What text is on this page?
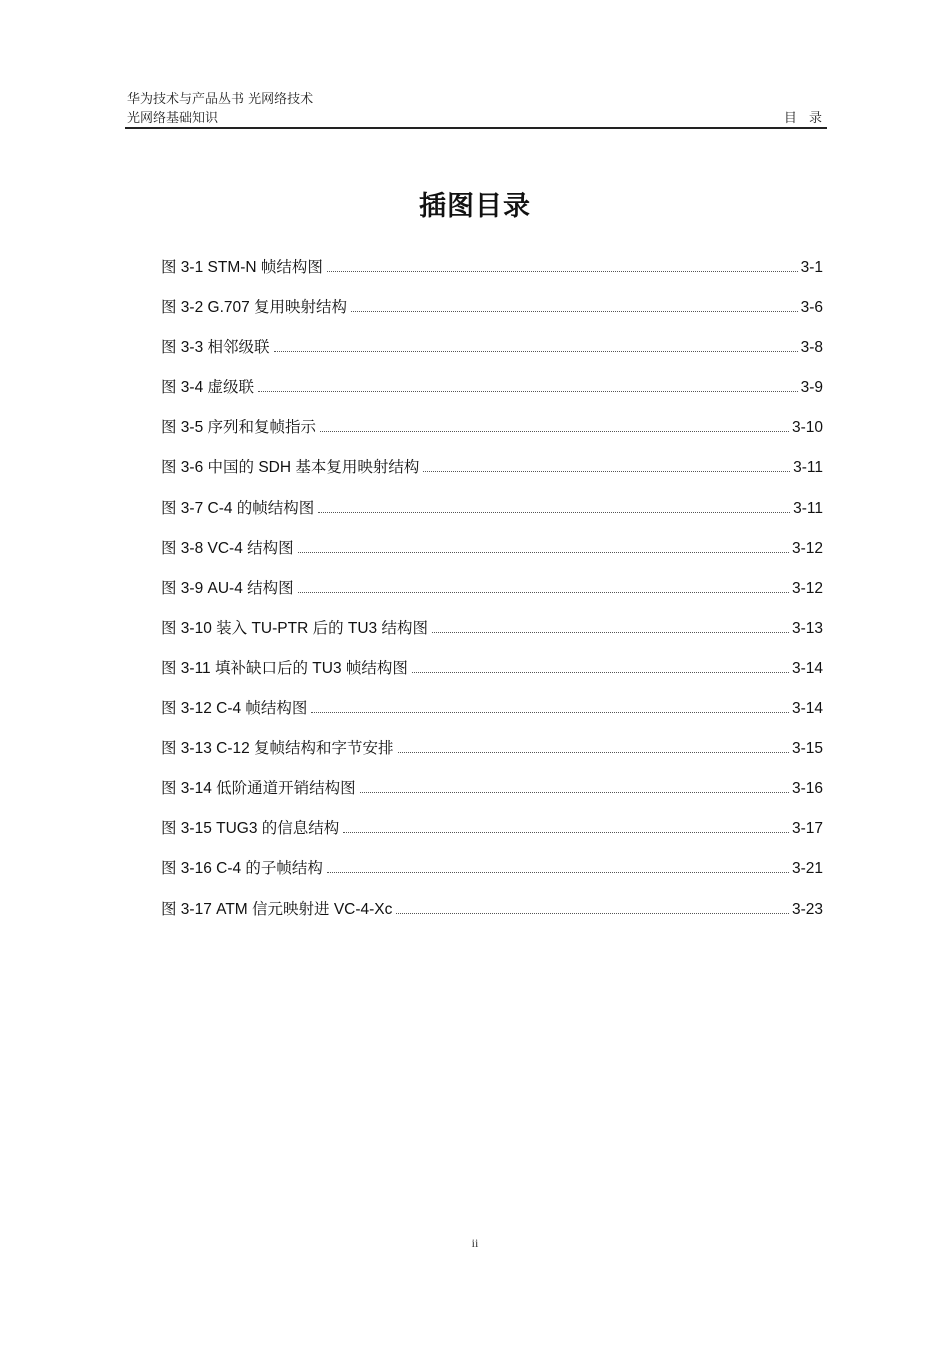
华为技术与产品丛书 光网络技术
光网络基础知识	目 录
插图目录
图 3-1 STM-N 帧结构图	3-1
图 3-2 G.707 复用映射结构	3-6
图 3-3 相邻级联	3-8
图 3-4 虚级联	3-9
图 3-5 序列和复帧指示	3-10
图 3-6 中国的 SDH 基本复用映射结构	3-11
图 3-7 C-4 的帧结构图	3-11
图 3-8 VC-4 结构图	3-12
图 3-9 AU-4 结构图	3-12
图 3-10 装入 TU-PTR 后的 TU3 结构图	3-13
图 3-11 填补缺口后的 TU3 帧结构图	3-14
图 3-12 C-4 帧结构图	3-14
图 3-13 C-12 复帧结构和字节安排	3-15
图 3-14 低阶通道开销结构图	3-16
图 3-15 TUG3 的信息结构	3-17
图 3-16 C-4 的子帧结构	3-21
图 3-17 ATM 信元映射进 VC-4-Xc	3-23
ii
